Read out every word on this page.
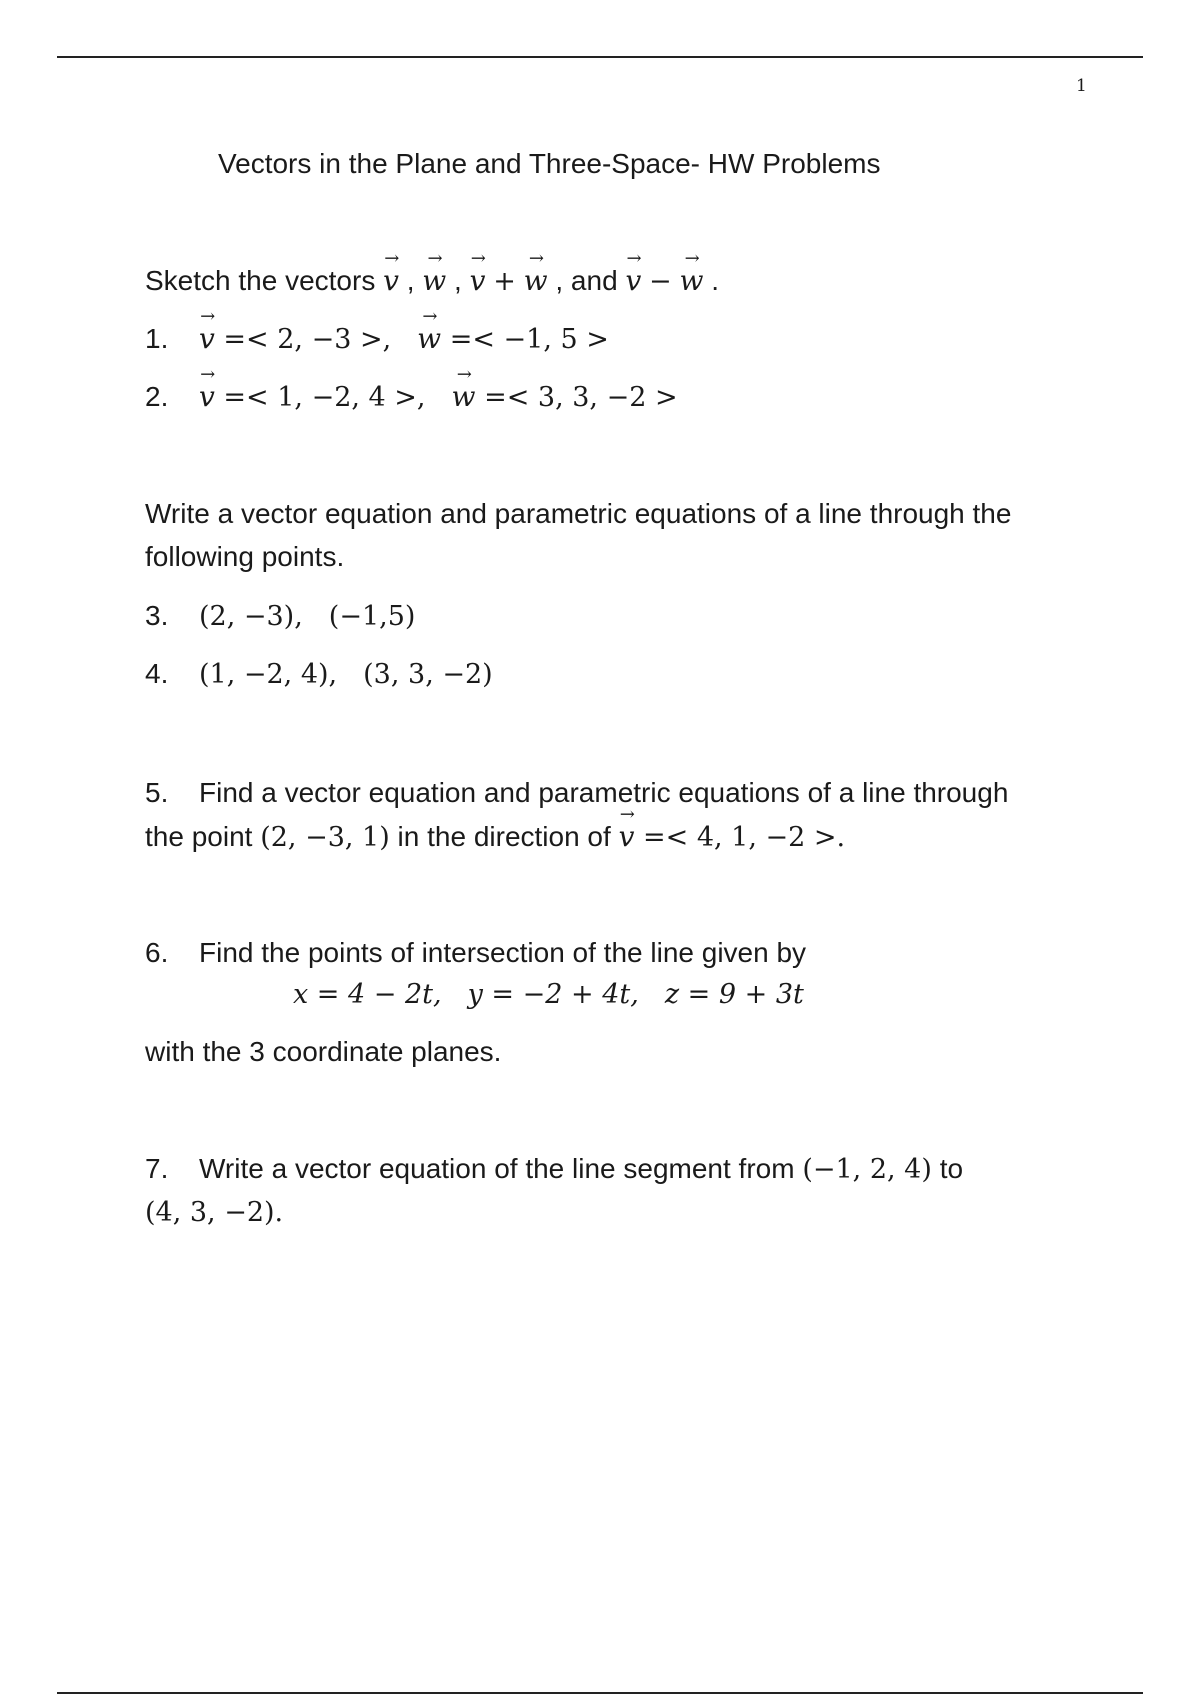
1
Vectors in the Plane and Three-Space- HW Problems
Sketch the vectors → v , → w , → v + → w , and → v − → w .
1. → v =< 2, −3 >, → w =< −1, 5 >
2. → v =< 1, −2, 4 >, → w =< 3, 3, −2 >
Write a vector equation and parametric equations of a line through the
following points.
3. (2, −3), (−1,5)
4. (1, −2, 4), (3, 3, −2)
5. Find a vector equation and parametric equations of a line through
the point (2, −3, 1) in the direction of → v =< 4, 1, −2 >.
6. Find the points of intersection of the line given by
x = 4 − 2t, y = −2 + 4t, z = 9 + 3t
with the 3 coordinate planes.
7. Write a vector equation of the line segment from (−1, 2, 4) to
(4, 3, −2).
